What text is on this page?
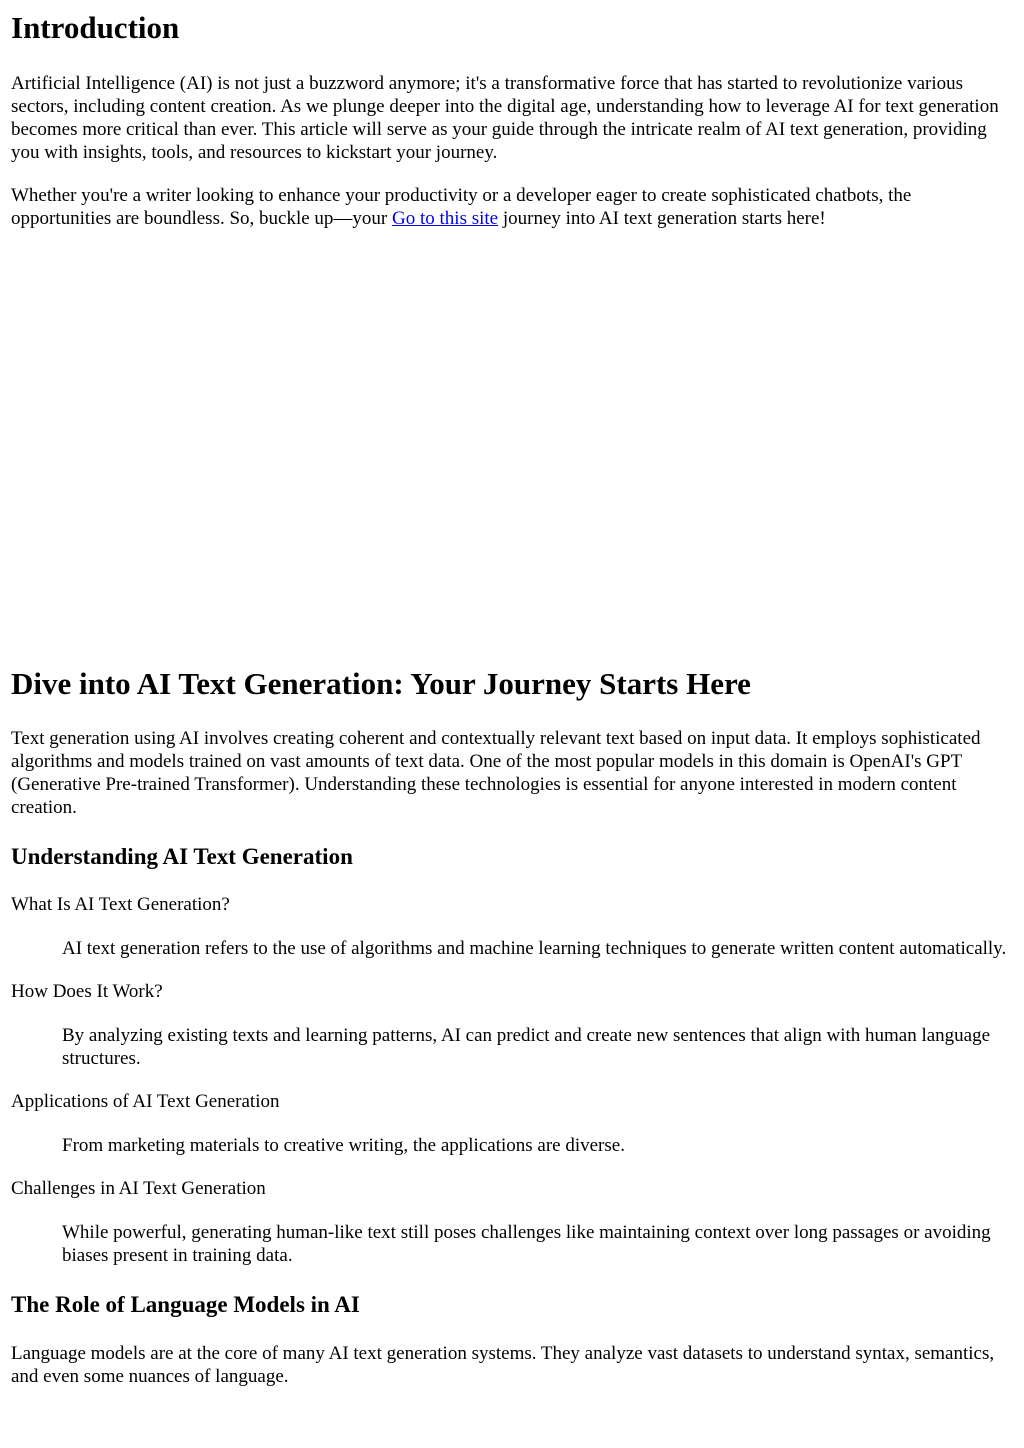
Introduction

Artificial Intelligence (AI) is not just a buzzword anymore; it's a transformative force that has started to revolutionize various sectors, including content creation. As we plunge deeper into the digital age, understanding how to leverage AI for text generation becomes more critical than ever. This article will serve as your guide through the intricate realm of AI text generation, providing you with insights, tools, and resources to kickstart your journey.

Whether you're a writer looking to enhance your productivity or a developer eager to create sophisticated chatbots, the opportunities are boundless. So, buckle up—your Go to this site journey into AI text generation starts here!

Dive into AI Text Generation: Your Journey Starts Here

Text generation using AI involves creating coherent and contextually relevant text based on input data. It employs sophisticated algorithms and models trained on vast amounts of text data. One of the most popular models in this domain is OpenAI's GPT (Generative Pre-trained Transformer). Understanding these technologies is essential for anyone interested in modern content creation.

Understanding AI Text Generation
What Is AI Text Generation?
AI text generation refers to the use of algorithms and machine learning techniques to generate written content automatically.
How Does It Work?
By analyzing existing texts and learning patterns, AI can predict and create new sentences that align with human language structures.
Applications of AI Text Generation
From marketing materials to creative writing, the applications are diverse.
Challenges in AI Text Generation
While powerful, generating human-like text still poses challenges like maintaining context over long passages or avoiding biases present in training data.
The Role of Language Models in AI

Language models are at the core of many AI text generation systems. They analyze vast datasets to understand syntax, semantics, and even some nuances of language.
